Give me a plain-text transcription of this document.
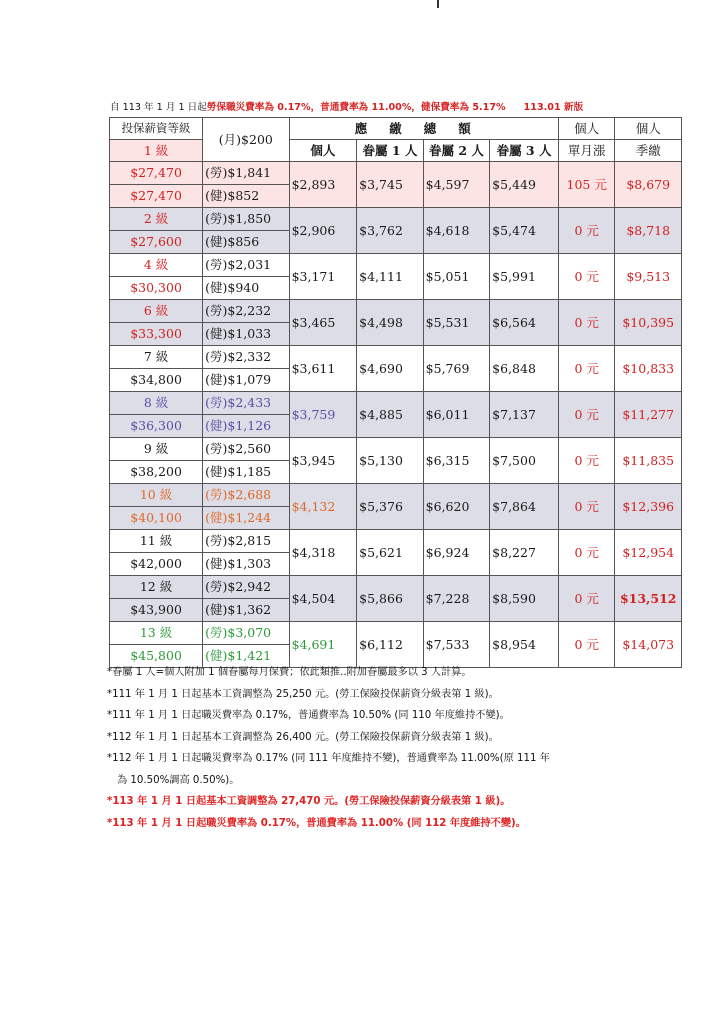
自 113 年 1 月 1 日起勞保職災費率為 0.17%，普通費率為 11.00%，健保費率為 5.17% 113.01 新版
投保薪資等級	(月)$200	應繳總額				個人	個人
1 級		個人	眷屬 1 人	眷屬 2 人	眷屬 3 人	單月漲	季繳
$27,470	(勞)$1,841	$2,893	$3,745	$4,597	$5,449	105 元	$8,679
$27,470	(健)$852						
2 級	(勞)$1,850	$2,906	$3,762	$4,618	$5,474	0 元	$8,718
$27,600	(健)$856						
4 級	(勞)$2,031	$3,171	$4,111	$5,051	$5,991	0 元	$9,513
$30,300	(健)$940						
6 級	(勞)$2,232	$3,465	$4,498	$5,531	$6,564	0 元	$10,395
$33,300	(健)$1,033						
7 級	(勞)$2,332	$3,611	$4,690	$5,769	$6,848	0 元	$10,833
$34,800	(健)$1,079						
8 級	(勞)$2,433	$3,759	$4,885	$6,011	$7,137	0 元	$11,277
$36,300	(健)$1,126						
9 級	(勞)$2,560	$3,945	$5,130	$6,315	$7,500	0 元	$11,835
$38,200	(健)$1,185						
10 級	(勞)$2,688	$4,132	$5,376	$6,620	$7,864	0 元	$12,396
$40,100	(健)$1,244						
11 級	(勞)$2,815	$4,318	$5,621	$6,924	$8,227	0 元	$12,954
$42,000	(健)$1,303						
12 級	(勞)$2,942	$4,504	$5,866	$7,228	$8,590	0 元	$13,512
$43,900	(健)$1,362						
13 級	(勞)$3,070	$4,691	$6,112	$7,533	$8,954	0 元	$14,073
$45,800	(健)$1,421						
*眷屬 1 人=個人附加 1 個眷屬每月保費；依此類推..附加眷屬最多以 3 人計算。
*111 年 1 月 1 日起基本工資調整為 25,250 元。(勞工保險投保薪資分級表第 1 級)。
*111 年 1 月 1 日起職災費率為 0.17%，普通費率為 10.50% (同 110 年度維持不變)。
*112 年 1 月 1 日起基本工資調整為 26,400 元。(勞工保險投保薪資分級表第 1 級)。
*112 年 1 月 1 日起職災費率為 0.17% (同 111 年度維持不變)，普通費率為 11.00%(原 111 年
為 10.50%調高 0.50%)。
*113 年 1 月 1 日起基本工資調整為 27,470 元。(勞工保險投保薪資分級表第 1 級)。
*113 年 1 月 1 日起職災費率為 0.17%，普通費率為 11.00% (同 112 年度維持不變)。
